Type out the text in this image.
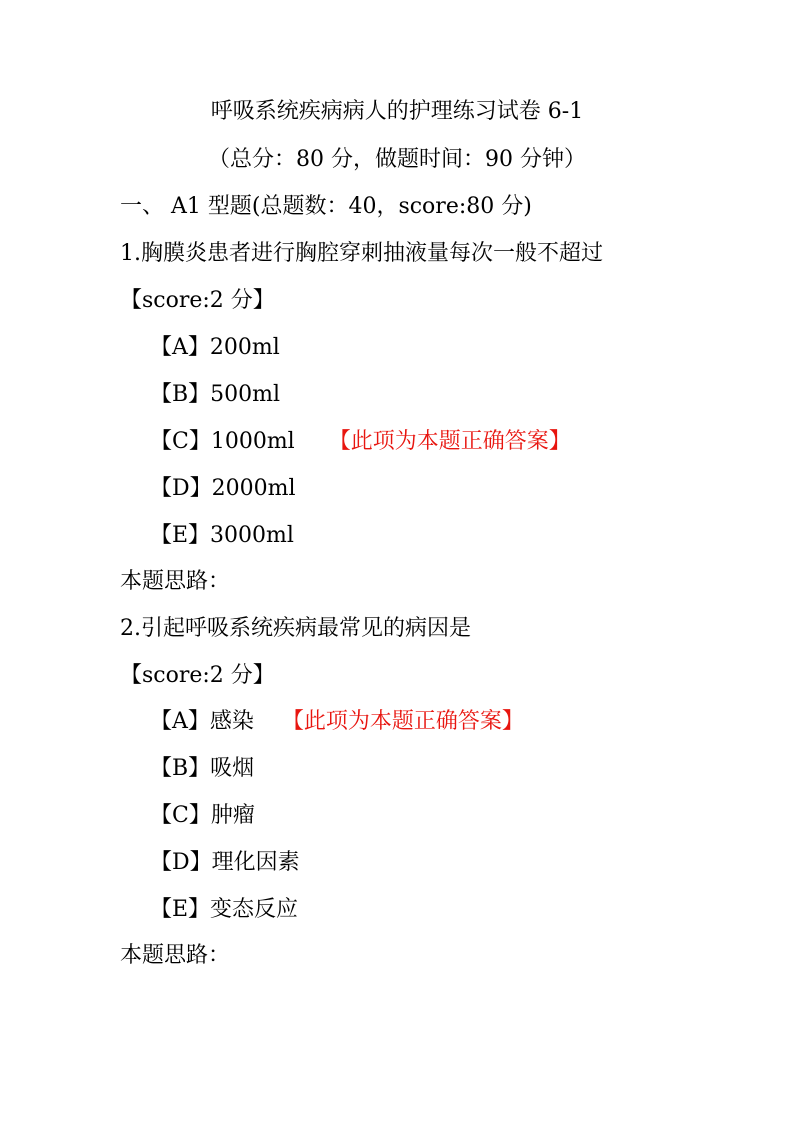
呼吸系统疾病病人的护理练习试卷 6-1
（总分：80 分，做题时间：90 分钟）
一、 A1 型题(总题数：40，score:80 分)
1.胸膜炎患者进行胸腔穿刺抽液量每次一般不超过
【score:2 分】
【A】200ml
【B】500ml
【C】1000ml 【此项为本题正确答案】
【D】2000ml
【E】3000ml
本题思路：
2.引起呼吸系统疾病最常见的病因是
【score:2 分】
【A】感染 【此项为本题正确答案】
【B】吸烟
【C】肿瘤
【D】理化因素
【E】变态反应
本题思路：
